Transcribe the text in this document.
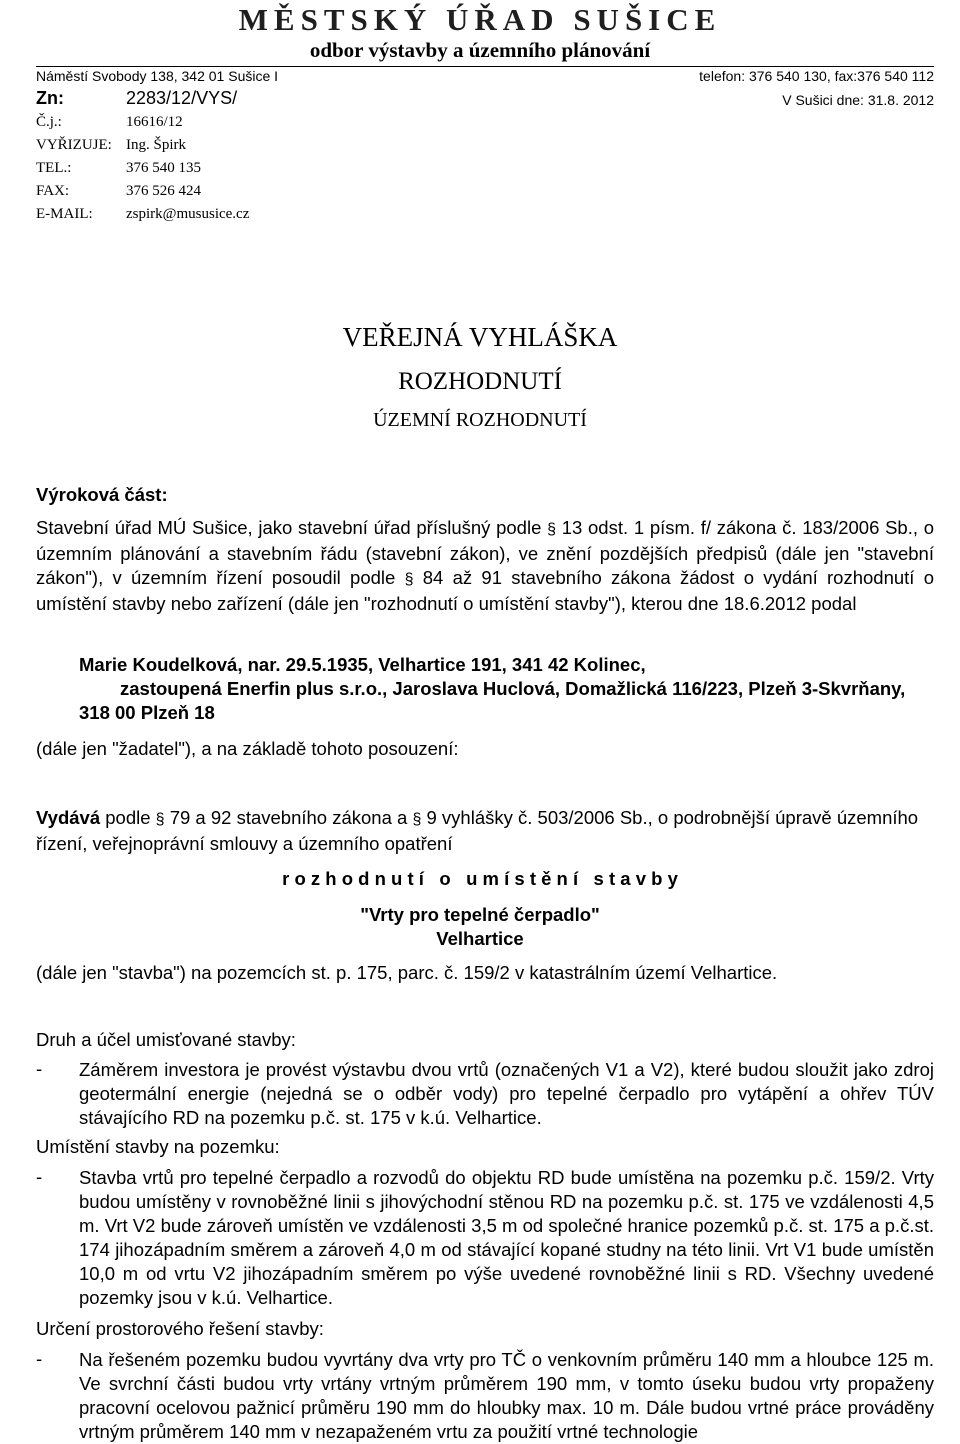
MĚSTSKÝ ÚŘAD SUŠICE
odbor výstavby a územního plánování
Náměstí Svobody 138, 342 01 Sušice I	telefon: 376 540 130, fax:376 540 112
Zn:	2283/12/VYS/	V Sušici dne: 31.8. 2012
Č.j.:	16616/12
VYŘIZUJE: Ing. Špirk
TEL.:	376 540 135
FAX:	376 526 424
E-MAIL: zspirk@mususice.cz
VEŘEJNÁ VYHLÁŠKA
ROZHODNUTÍ
ÚZEMNÍ ROZHODNUTÍ
Výroková část:
Stavební úřad MÚ Sušice, jako stavební úřad příslušný podle § 13 odst. 1 písm. f/ zákona č. 183/2006 Sb., o územním plánování a stavebním řádu (stavební zákon), ve znění pozdějších předpisů (dále jen "stavební zákon"), v územním řízení posoudil podle § 84 až 91 stavebního zákona žádost o vydání rozhodnutí o umístění stavby nebo zařízení (dále jen "rozhodnutí o umístění stavby"), kterou dne 18.6.2012 podal
Marie Koudelková, nar. 29.5.1935, Velhartice 191, 341 42 Kolinec,
zastoupená Enerfin plus s.r.o., Jaroslava Huclová, Domažlická 116/223, Plzeň 3-Skvrňany,
318 00 Plzeň 18
(dále jen "žadatel"), a na základě tohoto posouzení:
Vydává podle § 79 a 92 stavebního zákona a § 9 vyhlášky č. 503/2006 Sb., o podrobnější úpravě územního řízení, veřejnoprávní smlouvy a územního opatření
r o z h o d n u t í   o   u m í s t ě n í   s t a v b y
"Vrty pro tepelné čerpadlo"
Velhartice
(dále jen "stavba") na pozemcích st. p. 175, parc. č. 159/2 v katastrálním území Velhartice.
Druh a účel umisťované stavby:
- Záměrem investora je provést výstavbu dvou vrtů (označených V1 a V2), které budou sloužit jako zdroj geotermální energie (nejedná se o odběr vody) pro tepelné čerpadlo pro vytápění a ohřev TÚV stávajícího RD na pozemku p.č. st. 175 v k.ú. Velhartice.
Umístění stavby na pozemku:
- Stavba vrtů pro tepelné čerpadlo a rozvodů do objektu RD bude umístěna na pozemku p.č. 159/2. Vrty budou umístěny v rovnoběžné linii s jihovýchodní stěnou RD na pozemku p.č. st. 175 ve vzdálenosti 4,5 m. Vrt V2 bude zároveň umístěn ve vzdálenosti 3,5 m od společné hranice pozemků p.č. st. 175 a p.č.st. 174 jihozápadním směrem a zároveň 4,0 m od stávající kopané studny na této linii. Vrt V1 bude umístěn 10,0 m od vrtu V2 jihozápadním směrem po výše uvedené rovnoběžné linii s RD. Všechny uvedené pozemky jsou v k.ú. Velhartice.
Určení prostorového řešení stavby:
- Na řešeném pozemku budou vyvrtány dva vrty pro TČ o venkovním průměru 140 mm a hloubce 125 m. Ve svrchní části budou vrty vrtány vrtným průměrem 190 mm, v tomto úseku budou vrty propaženy pracovní ocelovou pažnicí průměru 190 mm do hloubky max. 10 m. Dále budou vrtné práce prováděny vrtným průměrem 140 mm v nezapaženém vrtu za použití vrtné technologie
